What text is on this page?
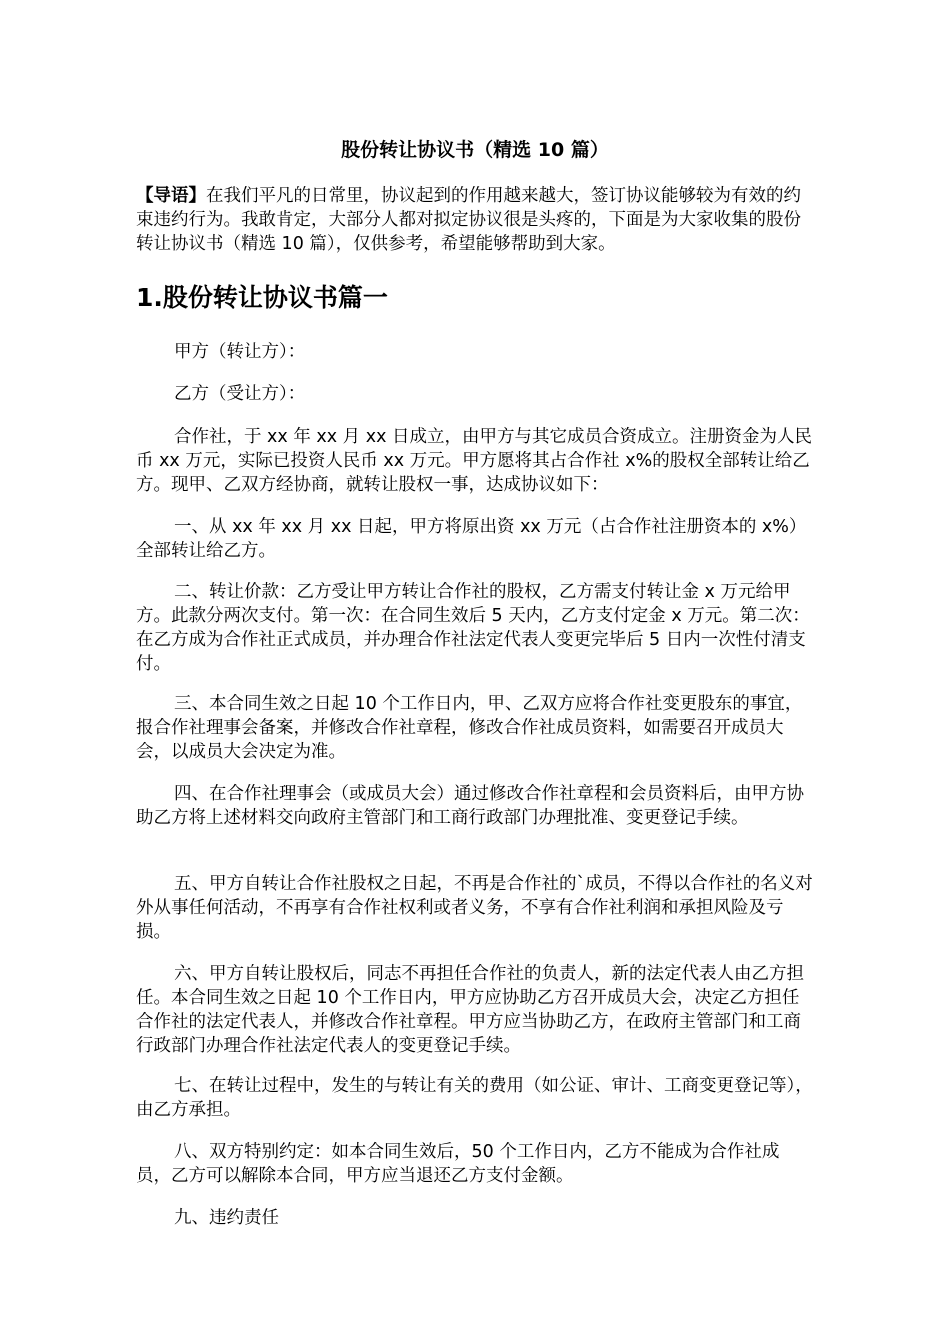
股份转让协议书（精选 10 篇）

【导语】在我们平凡的日常里，协议起到的作用越来越大，签订协议能够较为有效的约束违约行为。我敢肯定，大部分人都对拟定协议很是头疼的，下面是为大家收集的股份转让协议书（精选 10 篇），仅供参考，希望能够帮助到大家。

1.股份转让协议书篇一

甲方（转让方）：

乙方（受让方）：

合作社，于 xx 年 xx 月 xx 日成立，由甲方与其它成员合资成立。注册资金为人民币 xx 万元，实际已投资人民币 xx 万元。甲方愿将其占合作社 x%的股权全部转让给乙方。现甲、乙双方经协商，就转让股权一事，达成协议如下：

一、从 xx 年 xx 月 xx 日起，甲方将原出资 xx 万元（占合作社注册资本的 x%）全部转让给乙方。

二、转让价款：乙方受让甲方转让合作社的股权，乙方需支付转让金 x 万元给甲方。此款分两次支付。第一次：在合同生效后 5 天内，乙方支付定金 x 万元。第二次：在乙方成为合作社正式成员，并办理合作社法定代表人变更完毕后 5 日内一次性付清支付。

三、本合同生效之日起 10 个工作日内，甲、乙双方应将合作社变更股东的事宜，报合作社理事会备案，并修改合作社章程，修改合作社成员资料，如需要召开成员大会，以成员大会决定为准。

四、在合作社理事会（或成员大会）通过修改合作社章程和会员资料后，由甲方协助乙方将上述材料交向政府主管部门和工商行政部门办理批准、变更登记手续。

五、甲方自转让合作社股权之日起，不再是合作社的`成员，不得以合作社的名义对外从事任何活动，不再享有合作社权利或者义务，不享有合作社利润和承担风险及亏损。

六、甲方自转让股权后，同志不再担任合作社的负责人，新的法定代表人由乙方担任。本合同生效之日起 10 个工作日内，甲方应协助乙方召开成员大会，决定乙方担任合作社的法定代表人，并修改合作社章程。甲方应当协助乙方，在政府主管部门和工商行政部门办理合作社法定代表人的变更登记手续。

七、在转让过程中，发生的与转让有关的费用（如公证、审计、工商变更登记等），由乙方承担。

八、双方特别约定：如本合同生效后，50 个工作日内，乙方不能成为合作社成员，乙方可以解除本合同，甲方应当退还乙方支付金额。

九、违约责任
